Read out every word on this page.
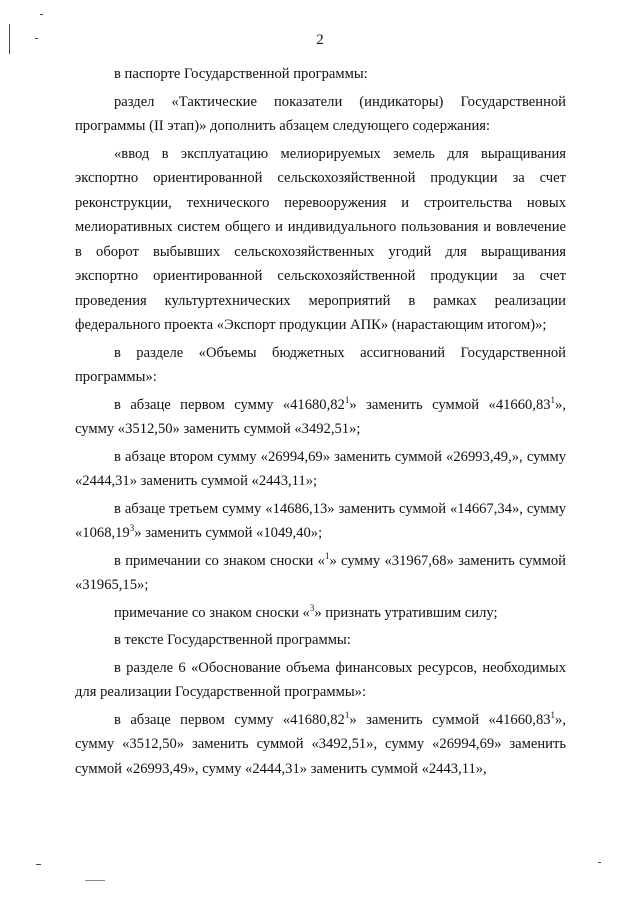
2

в паспорте Государственной программы:

раздел «Тактические показатели (индикаторы) Государственной программы (II этап)» дополнить абзацем следующего содержания:

«ввод в эксплуатацию мелиорируемых земель для выращивания экспортно ориентированной сельскохозяйственной продукции за счет реконструкции, технического перевооружения и строительства новых мелиоративных систем общего и индивидуального пользования и вовлечение в оборот выбывших сельскохозяйственных угодий для выращивания экспортно ориентированной сельскохозяйственной продукции за счет проведения культуртехнических мероприятий в рамках реализации федерального проекта «Экспорт продукции АПК» (нарастающим итогом)»;

в разделе «Объемы бюджетных ассигнований Государственной программы»:

в абзаце первом сумму «41680,82$^1$» заменить суммой «41660,83$^1$», сумму «3512,50» заменить суммой «3492,51»;

в абзаце втором сумму «26994,69» заменить суммой «26993,49,», сумму «2444,31» заменить суммой «2443,11»;

в абзаце третьем сумму «14686,13» заменить суммой «14667,34», сумму «1068,19$^3$» заменить суммой «1049,40»;

в примечании со знаком сноски «$^1$» сумму «31967,68» заменить суммой «31965,15»;

примечание со знаком сноски «$^3$» признать утратившим силу;

в тексте Государственной программы:

в разделе 6 «Обоснование объема финансовых ресурсов, необходимых для реализации Государственной программы»:

в абзаце первом сумму «41680,82$^1$» заменить суммой «41660,83$^1$», сумму «3512,50» заменить суммой «3492,51», сумму «26994,69» заменить суммой «26993,49», сумму «2444,31» заменить суммой «2443,11»,
